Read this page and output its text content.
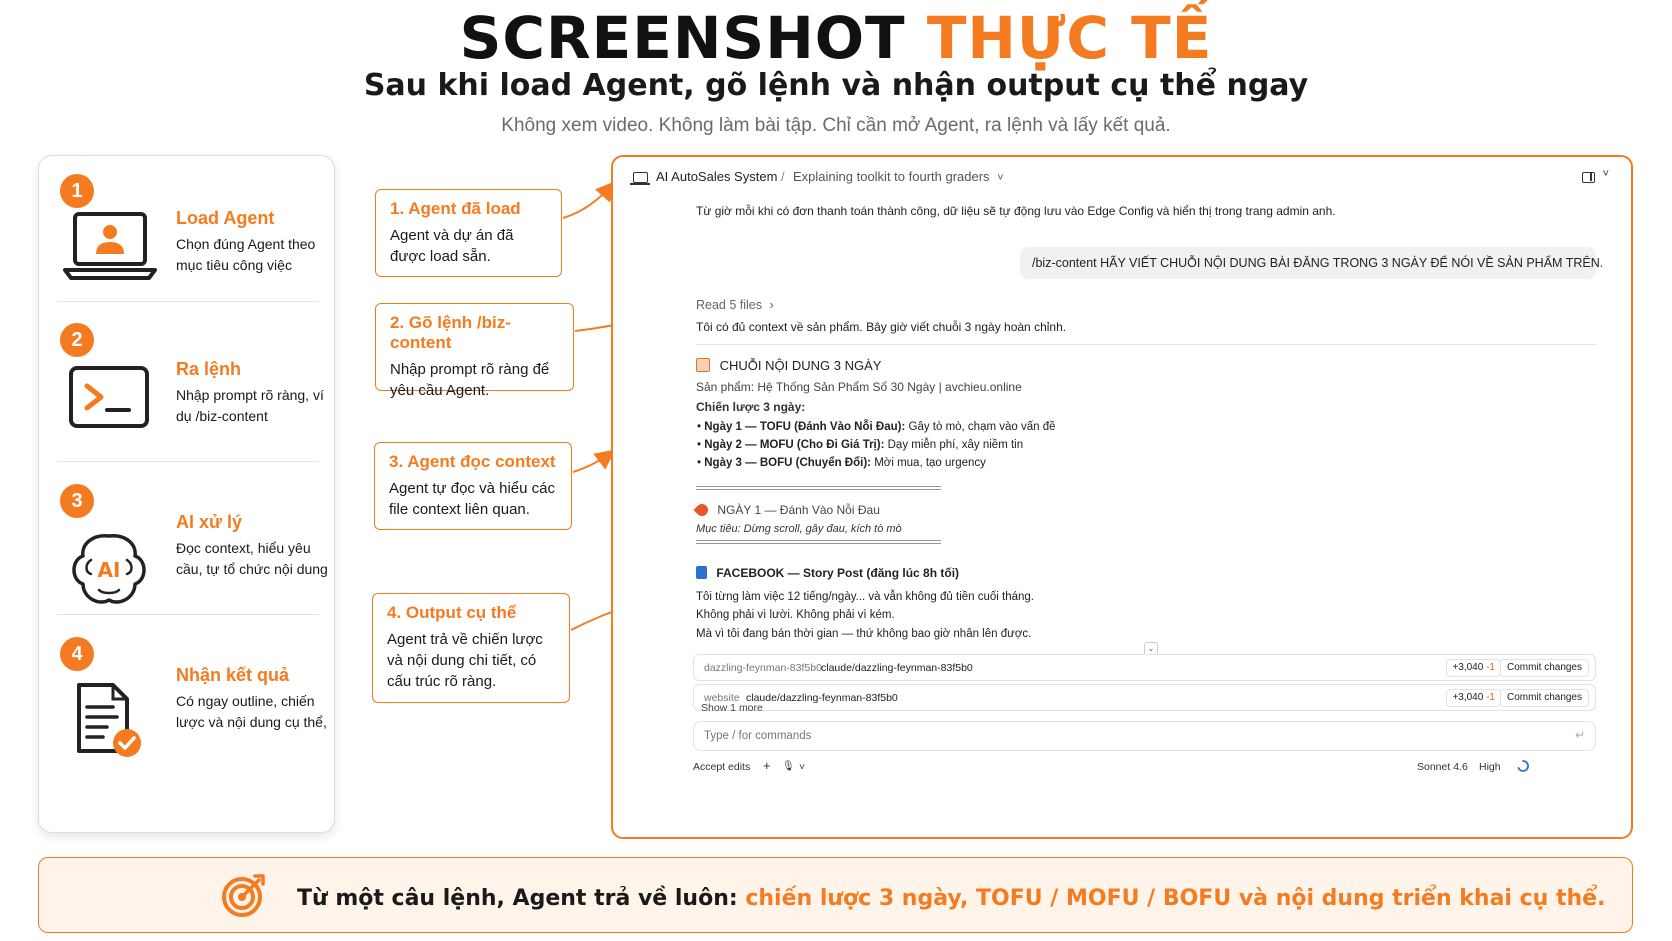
SCREENSHOT THỰC TẾ
Sau khi load Agent, gõ lệnh và nhận output cụ thể ngay
Không xem video. Không làm bài tập. Chỉ cần mở Agent, ra lệnh và lấy kết quả.
1
Load Agent
Chọn đúng Agent theo mục tiêu công việc
2
Ra lệnh
Nhập prompt rõ ràng, ví dụ /biz-content
3
AI
AI xử lý
Đọc context, hiểu yêu cầu, tự tổ chức nội dung
4
Nhận kết quả
Có ngay outline, chiến lược và nội dung cụ thể,
1. Agent đã load
Agent và dự án đã được load sẵn.
2. Gõ lệnh /biz-content
Nhập prompt rõ ràng để yêu cầu Agent.
3. Agent đọc context
Agent tự đọc và hiểu các file context liên quan.
4. Output cụ thể
Agent trả về chiến lược và nội dung chi tiết, có cấu trúc rõ ràng.
AI AutoSales System / Explaining toolkit to fourth graders ˅	˅
Từ giờ mỗi khi có đơn thanh toán thành công, dữ liệu sẽ tự động lưu vào Edge Config và hiển thị trong trang admin anh.
/biz-content HÃY VIẾT CHUỖI NỘI DUNG BÀI ĐĂNG TRONG 3 NGÀY ĐỂ NÓI VỀ SẢN PHẨM TRÊN.
Read 5 files ›
Tôi có đủ context về sản phẩm. Bây giờ viết chuỗi 3 ngày hoàn chỉnh.
CHUỖI NỘI DUNG 3 NGÀY
Sản phẩm: Hệ Thống Sản Phẩm Số 30 Ngày | avchieu.online
Chiến lược 3 ngày:
• Ngày 1 — TOFU (Đánh Vào Nỗi Đau): Gây tò mò, chạm vào vấn đề
• Ngày 2 — MOFU (Cho Đi Giá Trị): Dạy miễn phí, xây niềm tin
• Ngày 3 — BOFU (Chuyển Đổi): Mời mua, tạo urgency
NGÀY 1 — Đánh Vào Nỗi Đau
Mục tiêu: Dừng scroll, gây đau, kích tò mò
FACEBOOK — Story Post (đăng lúc 8h tối)
Tôi từng làm việc 12 tiếng/ngày... và vẫn không đủ tiền cuối tháng.
Không phải vì lười. Không phải vì kém.
Mà vì tôi đang bán thời gian — thứ không bao giờ nhân lên được.
⌄
dazzling-feynman-83f5b0 claude/dazzling-feynman-83f5b0	+3,040 -1	Commit changes
website claude/dazzling-feynman-83f5b0	+3,040 -1	Commit changes
Show 1 more
Type / for commands	↵
Accept edits + 🎙 ˅	Sonnet 4.6 High
Từ một câu lệnh, Agent trả về luôn: chiến lược 3 ngày, TOFU / MOFU / BOFU và nội dung triển khai cụ thể.
